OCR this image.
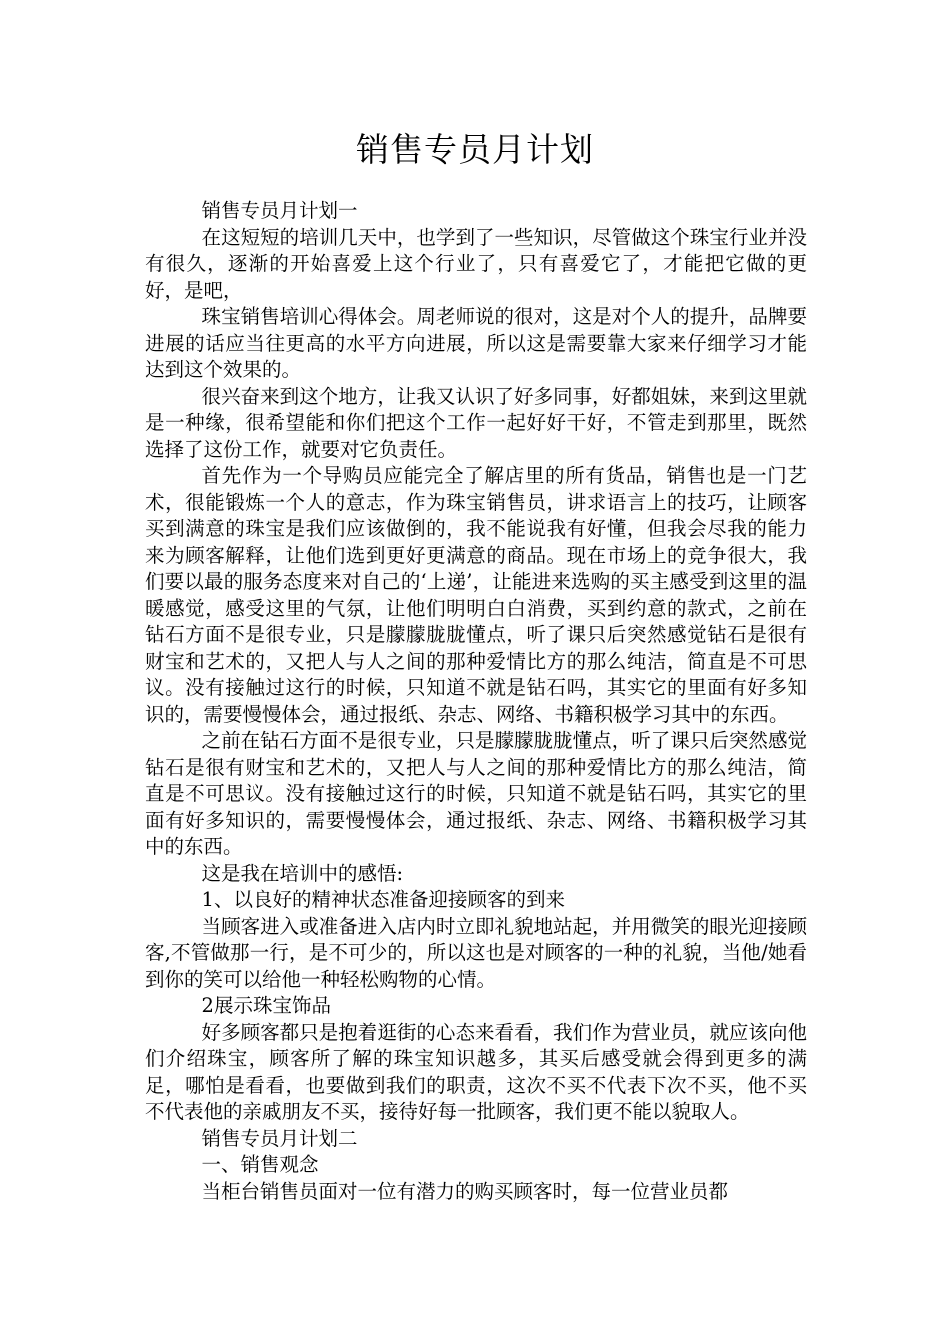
销售专员月计划

销售专员月计划一

在这短短的培训几天中，也学到了一些知识，尽管做这个珠宝行业并没有很久，逐渐的开始喜爱上这个行业了，只有喜爱它了，才能把它做的更好，是吧，

珠宝销售培训心得体会。周老师说的很对，这是对个人的提升，品牌要进展的话应当往更高的水平方向进展，所以这是需要靠大家来仔细学习才能达到这个效果的。

很兴奋来到这个地方，让我又认识了好多同事，好都姐妹，来到这里就是一种缘，很希望能和你们把这个工作一起好好干好，不管走到那里，既然选择了这份工作，就要对它负责任。

首先作为一个导购员应能完全了解店里的所有货品，销售也是一门艺术，很能锻炼一个人的意志，作为珠宝销售员，讲求语言上的技巧，让顾客买到满意的珠宝是我们应该做倒的，我不能说我有好懂，但我会尽我的能力来为顾客解释，让他们选到更好更满意的商品。现在市场上的竞争很大，我们要以最的服务态度来对自己的‘上递’，让能进来选购的买主感受到这里的温暖感觉，感受这里的气氛，让他们明明白白消费，买到约意的款式，之前在钻石方面不是很专业，只是朦朦胧胧懂点，听了课只后突然感觉钻石是很有财宝和艺术的，又把人与人之间的那种爱情比方的那么纯洁，简直是不可思议。没有接触过这行的时候，只知道不就是钻石吗，其实它的里面有好多知识的，需要慢慢体会，通过报纸、杂志、网络、书籍积极学习其中的东西。

之前在钻石方面不是很专业，只是朦朦胧胧懂点，听了课只后突然感觉钻石是很有财宝和艺术的，又把人与人之间的那种爱情比方的那么纯洁，简直是不可思议。没有接触过这行的时候，只知道不就是钻石吗，其实它的里面有好多知识的，需要慢慢体会，通过报纸、杂志、网络、书籍积极学习其中的东西。

这是我在培训中的感悟:

1、以良好的精神状态准备迎接顾客的到来

当顾客进入或准备进入店内时立即礼貌地站起，并用微笑的眼光迎接顾客,不管做那一行，是不可少的，所以这也是对顾客的一种的礼貌，当他/她看到你的笑可以给他一种轻松购物的心情。

2展示珠宝饰品

好多顾客都只是抱着逛街的心态来看看，我们作为营业员，就应该向他们介绍珠宝，顾客所了解的珠宝知识越多，其买后感受就会得到更多的满足，哪怕是看看，也要做到我们的职责，这次不买不代表下次不买，他不买不代表他的亲戚朋友不买，接待好每一批顾客，我们更不能以貌取人。

销售专员月计划二

一、销售观念

当柜台销售员面对一位有潜力的购买顾客时，每一位营业员都
